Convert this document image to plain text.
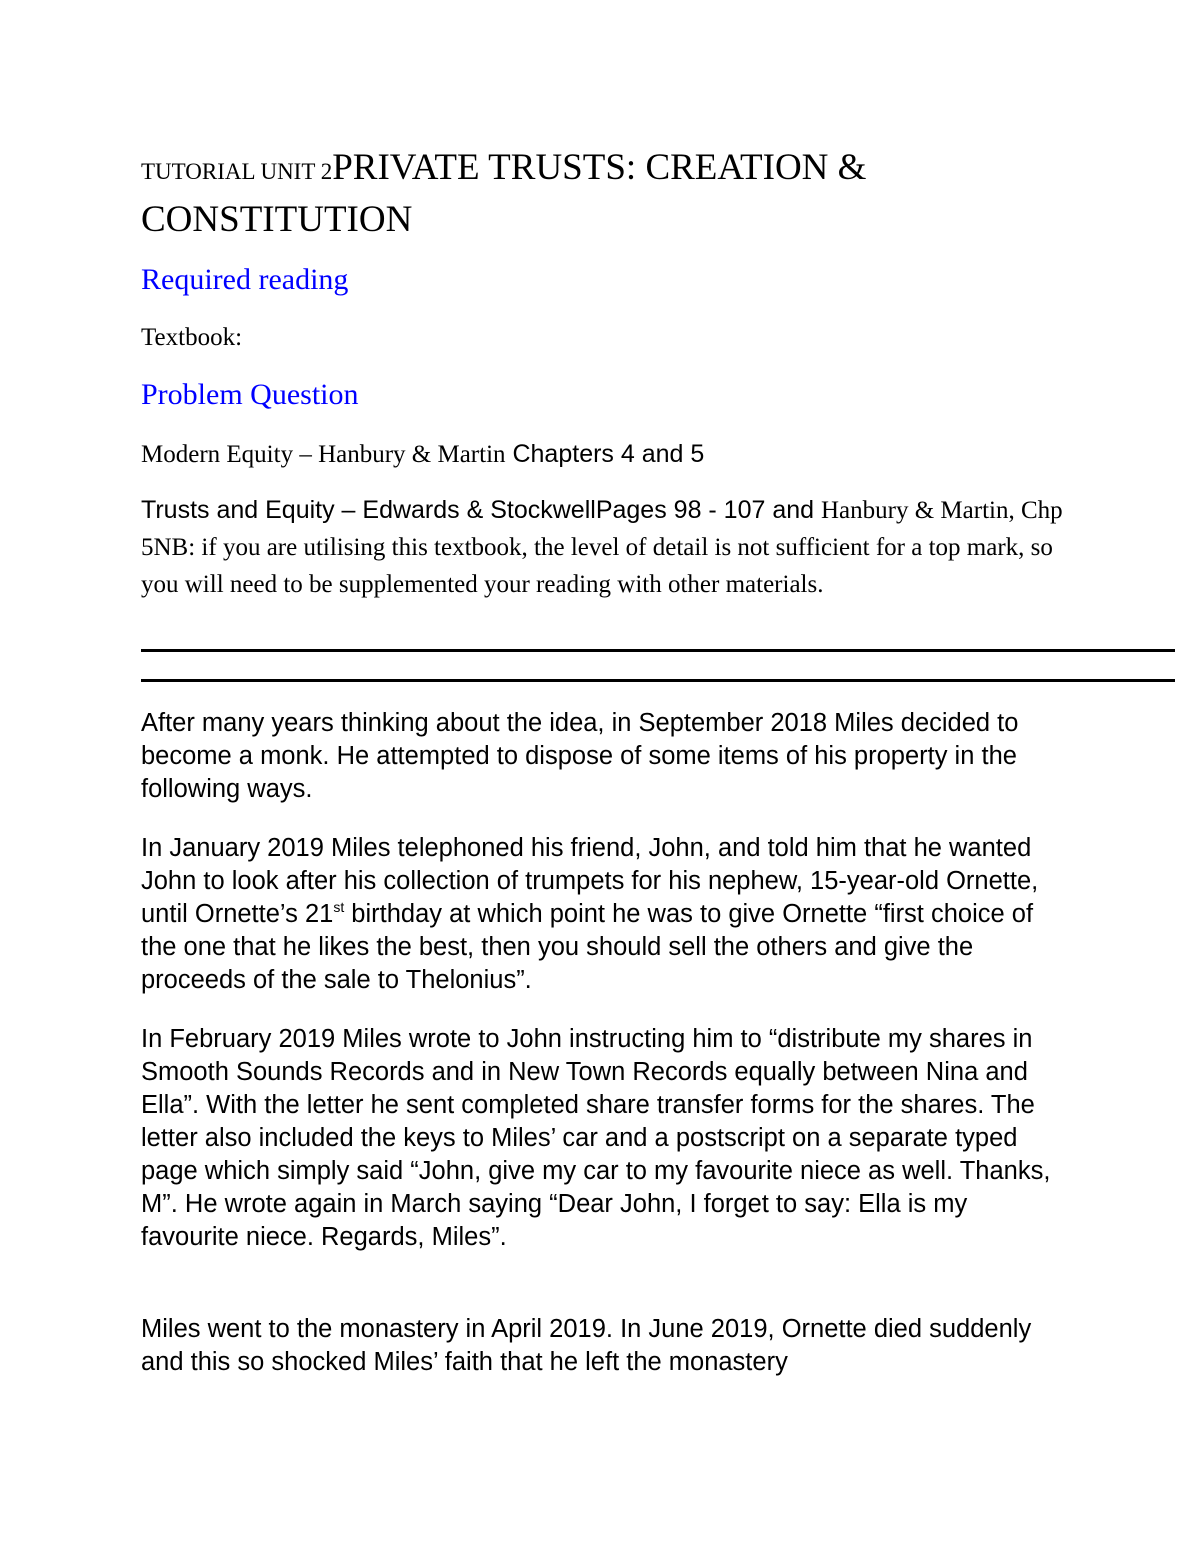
TUTORIAL UNIT 2PRIVATE TRUSTS: CREATION & CONSTITUTION
Required reading

Textbook:

Problem Question

Modern Equity – Hanbury & Martin Chapters 4 and 5

Trusts and Equity – Edwards & StockwellPages 98 - 107 and Hanbury & Martin, Chp 5NB: if you are utilising this textbook, the level of detail is not sufficient for a top mark, so you will need to be supplemented your reading with other materials.

After many years thinking about the idea, in September 2018 Miles decided to become a monk. He attempted to dispose of some items of his property in the following ways.

In January 2019 Miles telephoned his friend, John, and told him that he wanted John to look after his collection of trumpets for his nephew, 15-year-old Ornette, until Ornette’s 21st birthday at which point he was to give Ornette “first choice of the one that he likes the best, then you should sell the others and give the proceeds of the sale to Thelonius”.

In February 2019 Miles wrote to John instructing him to “distribute my shares in Smooth Sounds Records and in New Town Records equally between Nina and Ella”. With the letter he sent completed share transfer forms for the shares. The letter also included the keys to Miles’ car and a postscript on a separate typed page which simply said “John, give my car to my favourite niece as well. Thanks, M”. He wrote again in March saying “Dear John, I forget to say: Ella is my favourite niece. Regards, Miles”.

Miles went to the monastery in April 2019. In June 2019, Ornette died suddenly and this so shocked Miles’ faith that he left the monastery
